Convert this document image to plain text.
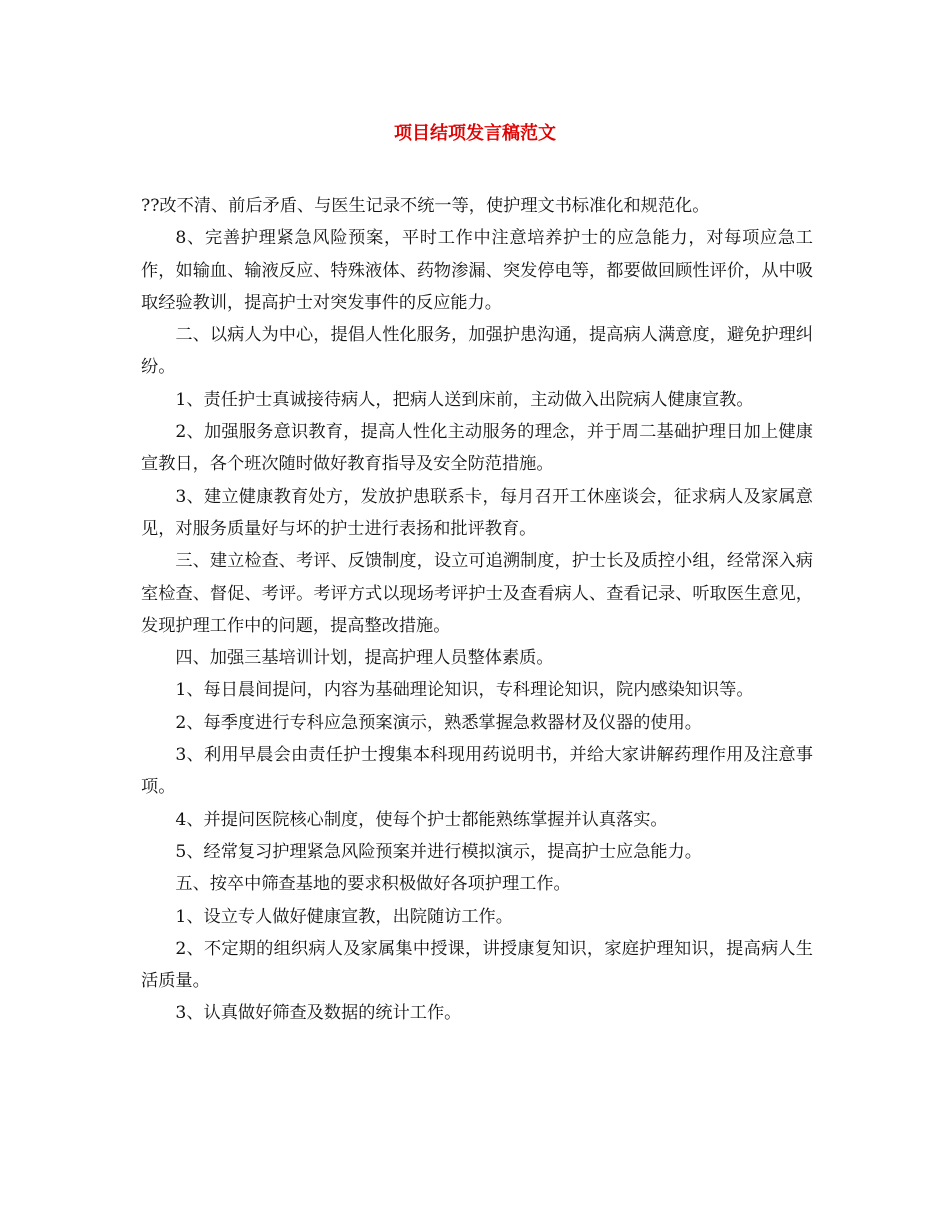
项目结项发言稿范文

??改不清、前后矛盾、与医生记录不统一等，使护理文书标准化和规范化。

8、完善护理紧急风险预案，平时工作中注意培养护士的应急能力，对每项应急工作，如输血、输液反应、特殊液体、药物渗漏、突发停电等，都要做回顾性评价，从中吸取经验教训，提高护士对突发事件的反应能力。

二、以病人为中心，提倡人性化服务，加强护患沟通，提高病人满意度，避免护理纠纷。

1、责任护士真诚接待病人，把病人送到床前，主动做入出院病人健康宣教。

2、加强服务意识教育，提高人性化主动服务的理念，并于周二基础护理日加上健康宣教日，各个班次随时做好教育指导及安全防范措施。

3、建立健康教育处方，发放护患联系卡，每月召开工休座谈会，征求病人及家属意见，对服务质量好与坏的护士进行表扬和批评教育。

三、建立检查、考评、反馈制度，设立可追溯制度，护士长及质控小组，经常深入病室检查、督促、考评。考评方式以现场考评护士及查看病人、查看记录、听取医生意见，发现护理工作中的问题，提高整改措施。

四、加强三基培训计划，提高护理人员整体素质。

1、每日晨间提问，内容为基础理论知识，专科理论知识，院内感染知识等。

2、每季度进行专科应急预案演示，熟悉掌握急救器材及仪器的使用。

3、利用早晨会由责任护士搜集本科现用药说明书，并给大家讲解药理作用及注意事项。

4、并提问医院核心制度，使每个护士都能熟练掌握并认真落实。

5、经常复习护理紧急风险预案并进行模拟演示，提高护士应急能力。

五、按卒中筛查基地的要求积极做好各项护理工作。

1、设立专人做好健康宣教，出院随访工作。

2、不定期的组织病人及家属集中授课，讲授康复知识，家庭护理知识，提高病人生活质量。

3、认真做好筛查及数据的统计工作。
